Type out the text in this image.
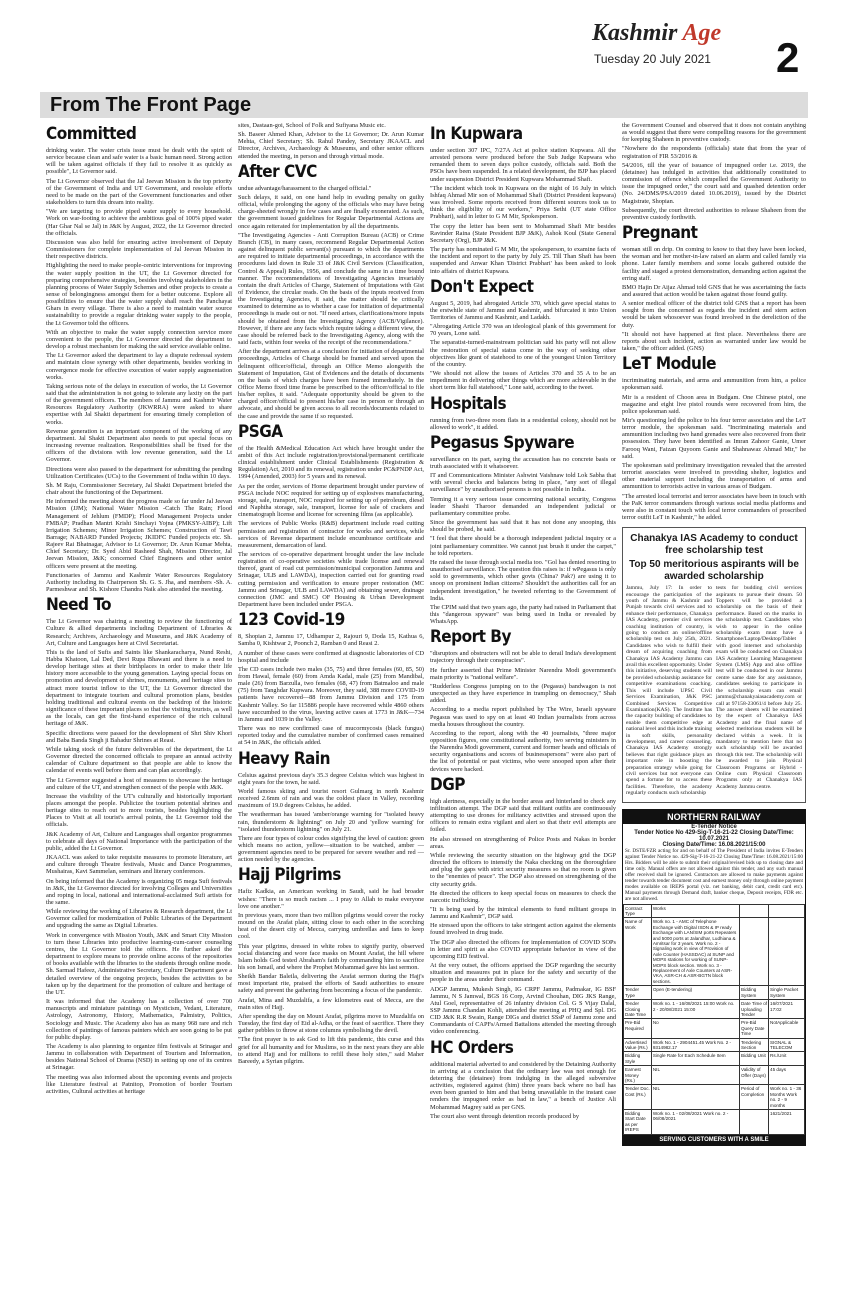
Kashmir Age
Tuesday 20 July 2021 2
From The Front Page
Committed

drinking water. The water crisis issue must be dealt with the spirit of service because clean and safe water is a basic human need. Strong action will be taken against officials if they fail to resolve it as quickly as possible", Lt Governor said.

The Lt Governor observed that the Jal Jeevan Mission is the top priority of the Government of India and UT Government, and resolute efforts need to be made on the part of the Government functionaries and other stakeholders to turn this dream into reality.

"We are targeting to provide piped water supply to every household. Work on war-footing to achieve the ambitious goal of 100% piped water (Har Ghar Nal se Jal) in J&K by August, 2022, the Lt Governor directed the officials.

Discussion was also held for ensuring active involvement of Deputy Commissioners for complete implementation of Jal Jeevan Mission in their respective districts.

Highlighting the need to make people-centric interventions for improving the water supply position in the UT, the Lt Governor directed for preparing comprehensive strategies, besides involving stakeholders in the planning process of Water Supply Schemes and other projects to create a sense of belongingness amongst them for a better outcome. Explore all possibilities to ensure that the water supply shall reach the Panchayat Ghars in every village. There is also a need to maintain water source sustainability to provide a regular drinking water supply to the people, the Lt Governor told the officers.

With an objective to make the water supply connection service more convenient to the people, the Lt Governor directed the department to develop a robust mechanism for making the said service available online.

The Lt Governor asked the department to lay a dispute redressal system and maintain close synergy with other departments, besides working in convergence mode for effective execution of water supply augmentation works.

Taking serious note of the delays in execution of works, the Lt Governor said that the administration is not going to tolerate any laxity on the part of the government officers. The members of Jammu and Kashmir Water Resources Regulatory Authority (JKWRRA) were asked to share expertise with Jal Shakti department for ensuring timely completion of works.

Revenue generation is an important component of the working of any department. Jal Shakti Department also needs to put special focus on increasing revenue realization. Responsibilities shall be fixed for the officers of the divisions with low revenue generation, said the Lt Governor.

Directions were also passed to the department for submitting the pending Utilization Certificates (UCs) to the Government of India within 10 days.

Sh. M Raju, Commissioner Secretary, Jal Shakti Department briefed the chair about the functioning of the Department.

He informed the meeting about the progress made so far under Jal Jeevan Mission (JJM); National Water Mission -Catch The Rain; Flood Management of Jehlum (FMDP); Flood Management Projects under FMBAP; Pradhan Mantri Krishi Sinchayi Yojna (PMKSY-AIBP); Lift Irrigation Schemes; Minor Irrigation Schemes; Construction of Tawi Barrage; NABARD Funded Projects; JKIDFC Funded projects etc. Sh. Rajeev Rai Bhatnagar, Advisor to Lt Governor; Dr. Arun Kumar Mehta, Chief Secretary; Dr. Syed Abid Rasheed Shah, Mission Director, Jal Jeevan Mission, J&K; concerned Chief Engineers and other senior officers were present at the meeting.

Functionaries of Jammu and Kashmir Water Resources Regulatory Authority including its Chairperson Sh. G. S. Jha, and members -Sh. A. Parmeshwar and Sh. Kishore Chandra Naik also attended the meeting.

Need To

The Lt Governor was chairing a meeting to review the functioning of Culture & allied departments including Department of Libraries & Research; Archives, Archaeology and Museums, and J&K Academy of Art, Culture and Languages here at Civil Secretariat.

This is the land of Sufis and Saints like Shankaracharya, Nund Reshi, Habba Khatoon, Lal Ded, Devi Rupa Bhawani and there is a need to develop heritage sites at their birthplaces in order to make their life history more accessible to the young generation. Laying special focus on promotion and development of shrines, monuments, and heritage sites to attract more tourist inflow to the UT, the Lt Governor directed the department to integrate tourism and cultural promotion plans, besides holding traditional and cultural events on the backdrop of the historic significance of these important places so that the visiting tourists, as well as the locals, can get the first-hand experience of the rich cultural heritage of J&K.

Specific directions were passed for the development of Shri Shiv Khori and Baba Banda Singh ji Bahadur Shrines at Reasi.

While taking stock of the future deliverables of the department, the Lt Governor directed the concerned officials to prepare an annual activity calendar of Culture department so that people are able to know the calendar of events well before them and can plan accordingly.

The Lt Governor suggested a host of measures to showcase the heritage and culture of the UT, and strengthen connect of the people with J&K.

Increase the visibility of the UT's culturally and historically important places amongst the people. Publicize the tourism potential shrines and heritage sites to reach out to more tourists, besides highlighting the Places to Visit at all tourist's arrival points, the Lt Governor told the officials.

J&K Academy of Art, Culture and Languages shall organize programmes to celebrate all days of National Importance with the participation of the public, added the Lt Governor.

JKAACL was asked to take requisite measures to promote literature, art and culture through Theatre festivals, Music and Dance Programmes, Mushairas, Kavi Sammelan, seminars and literary conferences.

On being informed that the Academy is organizing 05 mega Sufi festivals in J&K, the Lt Governor directed for involving Colleges and Universities and roping in local, national and international-acclaimed Sufi artists for the same.

While reviewing the working of Libraries & Research department, the Lt Governor called for modernization of Public Libraries of the Department and upgrading the same as Digital Libraries.

Work in convergence with Mission Youth, J&K and Smart City Mission to turn these Libraries into productive learning-cum-career counseling centres, the Lt Governor told the officers. He further asked the department to explore means to provide online access of the repositories of books available with the libraries to the students through online mode. Sh. Sarmad Hafeez, Administrative Secretary, Culture Department gave a detailed overview of the ongoing projects, besides the activities to be taken up by the department for the promotion of culture and heritage of the UT.

It was informed that the Academy has a collection of over 700 manuscripts and miniature paintings on Mysticism, Vedant, Literature, Astrology, Astronomy, History, Mathematics, Palmistry, Politics, Sociology and Music. The Academy also has as many 968 rare and rich collection of paintings of famous painters which are soon going to be put for public display.

The Academy is also planning to organize film festivals at Srinagar and Jammu in collaboration with Department of Tourism and Information, besides National School of Drama (NSD) in setting up one of its centres at Srinagar.

The meeting was also informed about the upcoming events and projects like Literature festival at Patnitop, Promotion of border Tourism activities, Cultural activities at heritage

sites, Dastaan-goi, School of Folk and Sufiyana Music etc.

Sh. Baseer Ahmed Khan, Advisor to the Lt Governor; Dr. Arun Kumar Mehta, Chief Secretary; Sh. Rahul Pandey, Secretary JKAACL and Director, Archives, Archaeology & Museums, and other senior officers attended the meeting, in person and through virtual mode.

After CVC

undue advantage/harassment to the charged official."

Such delays, it said, on one hand help in evading penalty on guilty official, while prolonging the agony of the officials who may have being charge-sheeted wrongly in few cases and are finally exonerated. As such, the government issued guidelines for Regular Departmental Actions are once again reiterated for implementation by all the departments.

"The Investigating Agencies - Anti Corruption Bureau (ACB) or Crime Branch (CB), in many cases, recommend Regular Departmental Action against delinquent public servant(s) pursuant to which the departments are required to initiate departmental proceedings, in accordance with the procedures laid down in Rule 33 of J&K Civil Services (Classification, Control & Appeal) Rules, 1956, and conclude the same in a time bound manner. The recommendations of Investigating Agencies invariably contain the draft Articles of Charge, Statement of Imputations with Gist of Evidence, the circular reads. On the basis of the inputs received from the Investigating Agencies, it said, the matter should be critically examined to determine as to whether a case for initiation of departmental proceedings is made out or not. "If need arises, clarifications/more inputs should be obtained from the Investigating Agency (ACB/Vigilance). However, if there are any facts which require taking a different view, the case should be referred back to the Investigating Agency, along with the said facts, within four weeks of the receipt of the recommendations."

After the department arrives at a conclusion for initiation of departmental proceedings, Articles of Charge should be framed and served upon the delinquent officer/official, through an Office Memo alongwith the Statement of Imputation, Gist of Evidences and the details of documents on the basis of which charges have been framed immediately. In the Office Memo fixed time frame be prescribed to the officer/official to file his/her replies, it said. "Adequate opportunity should be given to the charged officer/official to present his/her case in person or through an advocate, and should be given access to all records/documents related to the case and provide the same if so requested.

PSGA

of the Health &Medical Education Act which have brought under the ambit of this Act include registration/provisional/permanent certificate clinical establishment under Clinical Establishments (Registration & Regulation) Act, 2010 and its renewal, registration under PC&PNDP Act, 1994 (Amended, 2003) for 5 years and its renewal.

As per the order, services of Home department brought under purview of PSGA include NOC required for setting up of explosives manufacturing, storage, sale, transport, NOC required for setting up of petroleum, diesel and Naphtha storage, sale, transport, license for sale of crackers and cinematograph license and license for screening films (as applicable).

The services of Public Works (R&B) department include road cutting permission and registration of contractor for works and services, while services of Revenue department include encumbrance certificate and measurement, demarcation of land.

The services of co-operative department brought under the law include registration of co-operative societies while trade license and renewal thereof, grant of road cut permission/municipal corporation Jammu and Srinagar, ULB and LAWDA), inspection carried out for granting road cutting permission and verification to ensure proper restoration (MC Jammu and Srinagar, ULB and LAWDA) and obtaining sewer, drainage connection (JMC and SMC) OF Housing & Urban Development Department have been included under PSGA.

123 Covid-19

8, Shopian 2, Jammu 17, Udhampur 2, Rajouri 9, Doda 15, Kathua 6, Samba 0, Kishtwar 2, Poonch 2, Ramban 0 and Reasi 2.

A number of these cases were confirmed at diagnostic laboratories of CD hospital and include

The CD cases include two males (35, 75) and three females (60, 85, 50) from Hawal, female (60) from Amda Kadal, male (25) from Mandibal, male (26) from Barzulla, two females (68, 47) from Batmaloo and male (75) from Tanghdar Kupwara. Moreover, they said, 388 more COVID-19 patients have recovered—88 from Jammu Division and 175 from Kashmir Valley. So far 115886 people have recovered while 4860 others have succumbed to the virus, leaving active cases at 1773 in J&K—734 in Jammu and 1039 in the Valley.

There was no new confirmed case of mucormycosis (black fungus) reported today and the cumulative number of confirmed cases remained at 54 in J&K, the officials added.

Heavy Rain

Celsius against previous day's 35.3 degree Celsius which was highest in eight years for the town, he said.

World famous skiing and tourist resort Gulmarg in north Kashmir received 2.6mm of rain and was the coldest place in Valley, recording maximum of 19.0 degrees Celsius, he added.

The weatherman has issued 'amber/orange warning for "isolated heavy rain, thunderstorm & lightning" on July 20 and 'yellow warning' for "isolated thunderstorm lightning" on July 21.

There are four types of colour codes signifying the level of caution: green which means no action, yellow—situation to be watched, amber —government agencies need to be prepared for severe weather and red —action needed by the agencies.

Hajj Pilgrims

Hafiz Kadkia, an American working in Saudi, said he had broader wishes: "There is so much racism ... I pray to Allah to make everyone love one another."

In previous years, more than two million pilgrims would cover the rocky mound on the Arafat plain, sitting close to each other in the scorching heat of the desert city of Mecca, carrying umbrellas and fans to keep cool.

This year pilgrims, dressed in white robes to signify purity, observed social distancing and wore face masks on Mount Arafat, the hill where Islam holds God tested Abraham's faith by commanding him to sacrifice his son Ismail, and where the Prophet Mohammad gave his last sermon.

Sheikh Bandar Baleila, delivering the Arafat sermon during the Hajj's most important rite, praised the efforts of Saudi authorities to ensure safety and prevent the gathering from becoming a focus of the pandemic.

Arafat, Mina and Muzdalifa, a few kilometres east of Mecca, are the main sites of Hajj.

After spending the day on Mount Arafat, pilgrims move to Muzdalifa on Tuesday, the first day of Eid al-Adha, or the feast of sacrifice. There they gather pebbles to throw at stone columns symbolising the devil.

"The first prayer is to ask God to lift this pandemic, this curse and this grief for all humanity and for Muslims, so in the next years they are able to attend Hajj and for millions to refill these holy sites," said Maher Bareedy, a Syrian pilgrim.

In Kupwara

under section 307 IPC, 7/27A Act at police station Kupwara. All the arrested persons were produced before the Sub Judge Kupwara who remanded them to seven days police custody, officials said. Both the PSOs have been suspended. In a related development, the BJP has placed under suspension District President Kupwara Mohammad Shafi.

"The incident which took in Kupwara on the night of 16 July in which Ishfaq Ahmad Mir son of Mohammad Shafi (District President kupwara) was involved. Some reports received from different sources took us to think the eligibility of our workers," Priya Sethi (UT state Office Prabhari), said in letter to G M Mir, Spokesperson.

The copy the letter has been sent to Mohammad Shafi Mir besides Ravinder Raina (State President BJP J&K), Ashok Koul (State General Secretary (Org), BJP J&K.

The party has nominated G M Mir, the spokesperson, to examine facts of the incident and report to the party by July 25. Till Than Shafi has been suspended and Anwar Khan 'District Prabhari' has been asked to look into affairs of district Kupwara.

Don't Expect

August 5, 2019, had abrogated Article 370, which gave special status to the erstwhile state of Jammu and Kashmir, and bifurcated it into Union Territories of Jammu and Kashmir, and Ladakh.

"Abrogating Article 370 was an ideological plank of this government for 70 years, Lone said.

The separatist-turned-mainstream politician said his party will not allow the restoration of special status come in the way of seeking other objectives like grant of statehood to one of the youngest Union Territory of the country.

"We should not allow the issues of Articles 370 and 35 A to be an impediment in delivering other things which are more achievable in the short term like full statehood," Lone said, according to the tweet.

Hospitals

running from two-three room flats in a residential colony, should not be allowed to work", it added.

Pegasus Spyware

surveillance on its part, saying the accusation has no concrete basis or truth associated with it whatsoever.

IT and Communications Minister Ashwini Vaishnaw told Lok Sabha that with several checks and balances being in place, "any sort of illegal surveillance" by unauthorised persons is not possible in India.

Terming it a very serious issue concerning national security, Congress leader Shashi Tharoor demanded an independent judicial or parliamentary committee probe.

Since the government has said that it has not done any snooping, this should be probed, he said.

"I feel that there should be a thorough independent judicial inquiry or a joint parliamentary committee. We cannot just brush it under the carpet," he told reporters.

He raised the issue through social media too. "Gol has denied resorting to unauthorised surveillance. The question this raises is: if wPegasus is only sold to governments, which other govts (China? Pak?) are using it to snoop on prominent Indian citizens? Shouldn't the authorities call for an independent investigation," he tweeted referring to the Government of India.

The CPIM said that two years ago, the party had raised in Parliament that this "dangerous spyware" was being used in India or revealed by WhatsApp.

Report By

"disruptors and obstructers will not be able to derail India's development trajectory through their conspiracies".

He further asserted that Prime Minister Narendra Modi government's main priority is "national welfare".

"Rudderless Congress jumping on to the (Pegasus) bandwagon is not unexpected as they have experience in trampling on democracy," Shah added.

According to a media report published by The Wire, Israeli spyware Pegasus was used to spy on at least 40 Indian journalists from across media houses throughout the country.

According to the report, along with the 40 journalists, "three major opposition figures, one constitutional authority, two serving ministers in the Narendra Modi government, current and former heads and officials of security organisations and scores of businesspersons" were also part of the list of potential or past victims, who were snooped upon after their devices were hacked.

DGP

high alertness, especially in the border areas and hinterland to check any infiltration attempt. The DGP said that militant outfits are continuously attempting to use drones for militancy activities and stressed upon the officers to remain extra vigilant and alert so that their evil attempts are foiled.

He also stressed on strengthening of Police Posts and Nakas in border areas.

While reviewing the security situation on the highway grid the DGP directed the officers to intensify the Naka checking on the thoroughfare and plug the gaps with strict security measures so that no room is given to the "enemies of peace". The DGP also stressed on strengthening of the city security grids.

He directed the officers to keep special focus on measures to check the narcotic trafficking.

"It is being used by the inimical elements to fund militant groups in Jammu and Kashmir", DGP said.

He stressed upon the officers to take stringent action against the elements found involved in drug trade.

The DGP also directed the officers for implementation of COVID SOPs in letter and spirit as also COVID appropriate behavior in view of the upcoming EID festival.

At the very outset, the officers apprised the DGP regarding the security situation and measures put in place for the safety and security of the people in the areas under their command.

ADGP Jammu, Mukesh Singh, IG CRPF Jammu, Padmakar, IG BSF Jammu, N S Jamwal, BGS 16 Corp, Arvind Chouhan, DIG JKS Range, Atul Goel, representative of 26 infantry division Col. G S Vijay Dalal, SSP Jammu Chandan Kohli, attended the meeting at PHQ and Spl. DG CID J&K R.R Swain, Range DIGs and district SSsP of Jammu zone and Commandants of CAPFs/Armed Battalions attended the meeting through video conferencing.

HC Orders

additional material adverted to and considered by the Detaining Authority in arriving at a conclusion that the ordinary law was not enough for deterring the (detainee) from indulging in the alleged subversive activities, registered against (him) three years back where no bail has even been granted to him and that being unavailable in the instant case renders the impugned order as bad in law," a bench of Justice Ali Mohammad Magrey said as per GNS.

The court also went through detention records produced by

the Government Counsel and observed that it does not contain anything as would suggest that there were compelling reasons for the government for keeping Shaheen in preventive custody.

"Nowhere do the respondents (officials) state that from the year of registration of FIR 53/2016 &

54/2016, till the year of issuance of impugned order i.e. 2019, the (detainee) has indulged in activities that additionally constituted to commission of offence which compelled the Government Authority to issue the impugned order," the court said and quashed detention order (No. 24/DMS/PSA/2019 dated 10.06.2019), issued by the District Magistrate, Shopian.

Subsequently, the court directed authorities to release Shaheen from the preventive custody forthwith.

Pregnant

woman still on drip. On coming to know to that they have been locked, the woman and her mother-in-law raised an alarm and called family via phone. Later family members and some locals gathered outside the facility and staged a protest demonstration, demanding action against the erring staff.

BMO Hajin Dr Aijaz Ahmad told GNS that he was ascertaining the facts and assured that action would be taken against those found guilty.

A senior medical officer of the district told GNS that a report has been sought from the concerned as regards the incident and stern action would be taken whosoever was found involved in the dereliction of the duty.

"It should not have happened at first place. Nevertheless there are reports about such incident, action as warranted under law would be taken," the officer added. (GNS)

LeT Module

incriminating materials, and arms and ammunition from him, a police spokesman said.

Mir is a resident of Choon area in Budgam. One Chinese pistol, one magazine and eight live pistol rounds were recovered from him, the police spokesman said.

Mir's questioning led the police to his four terror associates and the LeT terror module, the spokesman said. "Incriminating materials and ammunition including two hand grenades were also recovered from their possession. They have been identified as Imran Zahoor Ganie, Umer Farooq Wani, Faizan Quyoom Ganie and Shahnawaz Ahmad Mir," he said.

The spokesman said preliminary investigation revealed that the arrested terrorist associates were involved in providing shelter, logistics and other material support including the transportation of arms and ammunition to terrorists active in various areas of Budgam.

"The arrested local terrorist and terror associates have been in touch with the PaK terror commanders through various social media platforms and were also in constant touch with local terror commanders of proscribed terror outfit LeT in Kashmir," he added.

Chanakya IAS Academy to conduct free scholarship test
Top 50 meritorious aspirants will be awarded scholarship

Jammu, July 17: In order to encourage the participation of the youth of Jammu & Kashmir and Punjab towards civil services and to enhance their performance, Chanakya IAS Academy, premier civil services coaching institution of country, is going to conduct an online/offline scholarship test on July 25th, 2021. Candidates who wish to fulfill their dream of acquiring coaching from Chanakya IAS Academy Jammu can avail this excellent opportunity. Under this initiative, deserving students will be provided scholarship assistance for competitive examinations coaching. This will include UPSC Civil Services Examination, J&K PSC Combined Services Competitive Examination(KAS). The Institute has the capacity building of candidates to enable them competitive edge at national level and this include training in soft skills, personality development, and career counseling. Chanakya IAS Academy strongly believes that right guidance plays an important role in boosting the preparation strategy while going for civil services but not everyone can spend a fortune for to access these facilities. Therefore, the academy regularly conducts such scholarship

tests for budding civil services aspirants to pursue their dream. 50 Toppers will be provided a scholarship on the basis of their performance. Based on the marks in the scholarship test. Candidates who wish to appear in the online scholarship exam must have a Smartphone/Laptop/Desktop/Tablet with good internet and scholarship exam will be conducted on Chanakya IAS Academy Learning Management System (LMS) App and also offline test will be conducted in our Jammu centre same date for any assistance, candidates seeking to participate in the scholarship exam can email jammu@chanakyaiasacademy.com or call at 97158-23061/4 before July 25. The answer sheets will be examined by the expert of Chanakya IAS Academy and the final name of selected meritorious students will be declared within a week. It is mandatory to mention here that no such scholarship will be awarded through this test. The scholarship will be awarded to join Physical Classroom Programs or Hybrid - Online cum Physical Classroom Programs only at Chanakya IAS Academy Jammu centre.

NORTHERN RAILWAY
E-Tender Notice
Tender Notice No 429-Sig-T-16-21-22 Closing Date/Time: 10.07.2021
Closing Date/Time: 16.08.2021/15:00

Sr. DSTE/FZR acting for and on behalf of The President of India invites E-Tenders against Tender Notice no. 429-Sig-T-16-21-22 Closing Date/Time: 16.08.2021/15:00 Hrs. Bidders will be able to submit their original/revised bids up to closing date and time only. Manual offers are not allowed against this tender, and any such manual offer received shall be ignored. Contractors are allowed to make payments against tender towards tender document cost and earnest money only through online payment modes available on IREPS portal (viz. net banking, debit card, credit card etc). Manual payments through Demand draft, banker cheque, Deposit receipts, FDR etc. are not allowed.

Contract Type	Works		
Name of Work	Work no. 1 - AMC of Telephone Exchange with Digital ISDN & IP ready Exchange with LAN/SIM ports Repeaters and 5000 ports at Jalandhar, Ludhiana & Amritsar for 3 years. Work no. 2 - Signaling work in view of Provision of Axle Counter (HASSDAC) at SUNP and MOPS stations for working of SUNP-MOPS block section. Work no. 3 - Replacement of Axle Counters at ASR-VKA, ASR-CH & ASR-BGTN block sections.		
Tender Type	Open (E-tendering)	Bidding System	Single Packet System
Tender Closing Date Time	Work no. 1 - 16/08/2021 15:00 Work no. 2 - 20/08/2021 15:00	Date Time of Uploading Tender	16/07/2021 17:02
Pre-Bid Required	No	Pre-Bid Query Date Time	NotApplicable
Advertised Value (Rs.)	Work No. 1 - 2904451.45 Work No. 2 - 9314982.17	Tendering Section	SIGNAL & TELECOM
Bidding Style	Single Rate for Each Schedule Item	Bidding Unit	Rs./Unit
Earnest Money (Rs.)	NIL	Validity of Offer (Days)	45 days
Tender Doc. Cost (Rs.)	NIL	Period of Completion	Work no. 1 - 36 Months Work no. 2 - 9 months
Bidding Start Date as per IREPS	Work no. 1 - 02/08/2021 Work no. 2 - 06/08/2021		1621/2021
SERVING CUSTOMERS WITH A SMILE
